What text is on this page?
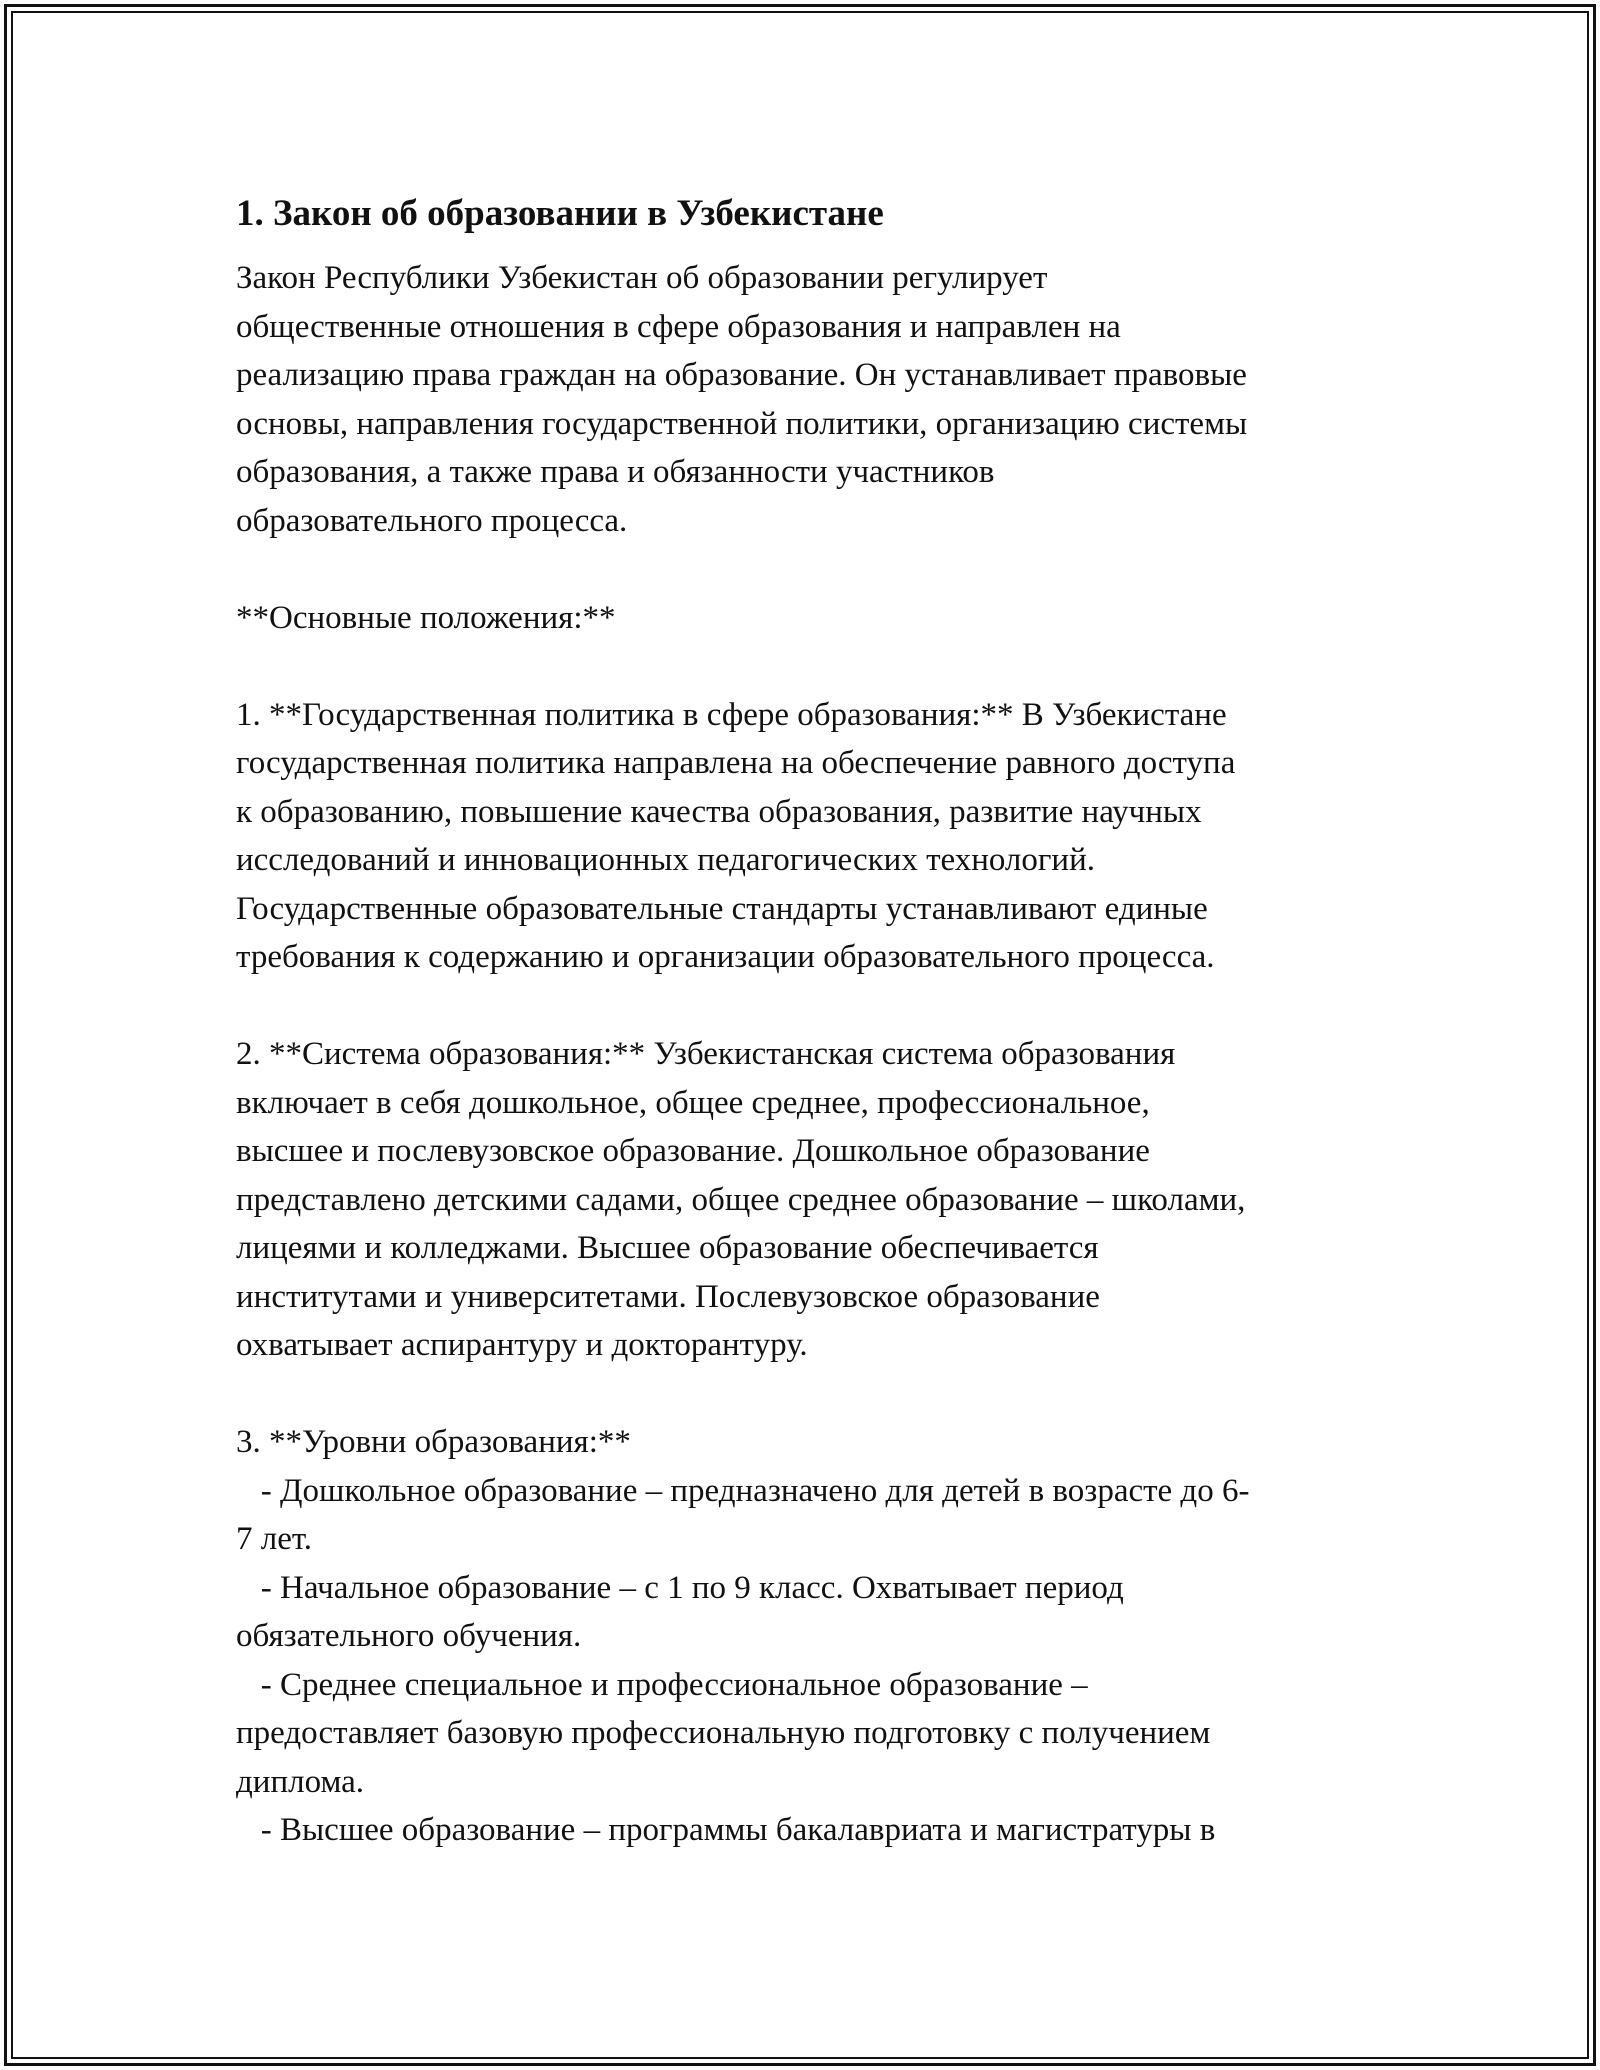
1. Закон об образовании в Узбекистане
Закон Республики Узбекистан об образовании регулирует
общественные отношения в сфере образования и направлен на
реализацию права граждан на образование. Он устанавливает правовые
основы, направления государственной политики, организацию системы
образования, а также права и обязанности участников
образовательного процесса.
**Основные положения:**
1. **Государственная политика в сфере образования:** В Узбекистане
государственная политика направлена на обеспечение равного доступа
к образованию, повышение качества образования, развитие научных
исследований и инновационных педагогических технологий.
Государственные образовательные стандарты устанавливают единые
требования к содержанию и организации образовательного процесса.
2. **Система образования:** Узбекистанская система образования
включает в себя дошкольное, общее среднее, профессиональное,
высшее и послевузовское образование. Дошкольное образование
представлено детскими садами, общее среднее образование – школами,
лицеями и колледжами. Высшее образование обеспечивается
институтами и университетами. Послевузовское образование
охватывает аспирантуру и докторантуру.
3. **Уровни образования:**
- Дошкольное образование – предназначено для детей в возрасте до 6-
7 лет.
- Начальное образование – с 1 по 9 класс. Охватывает период
обязательного обучения.
- Среднее специальное и профессиональное образование –
предоставляет базовую профессиональную подготовку с получением
диплома.
- Высшее образование – программы бакалавриата и магистратуры в
